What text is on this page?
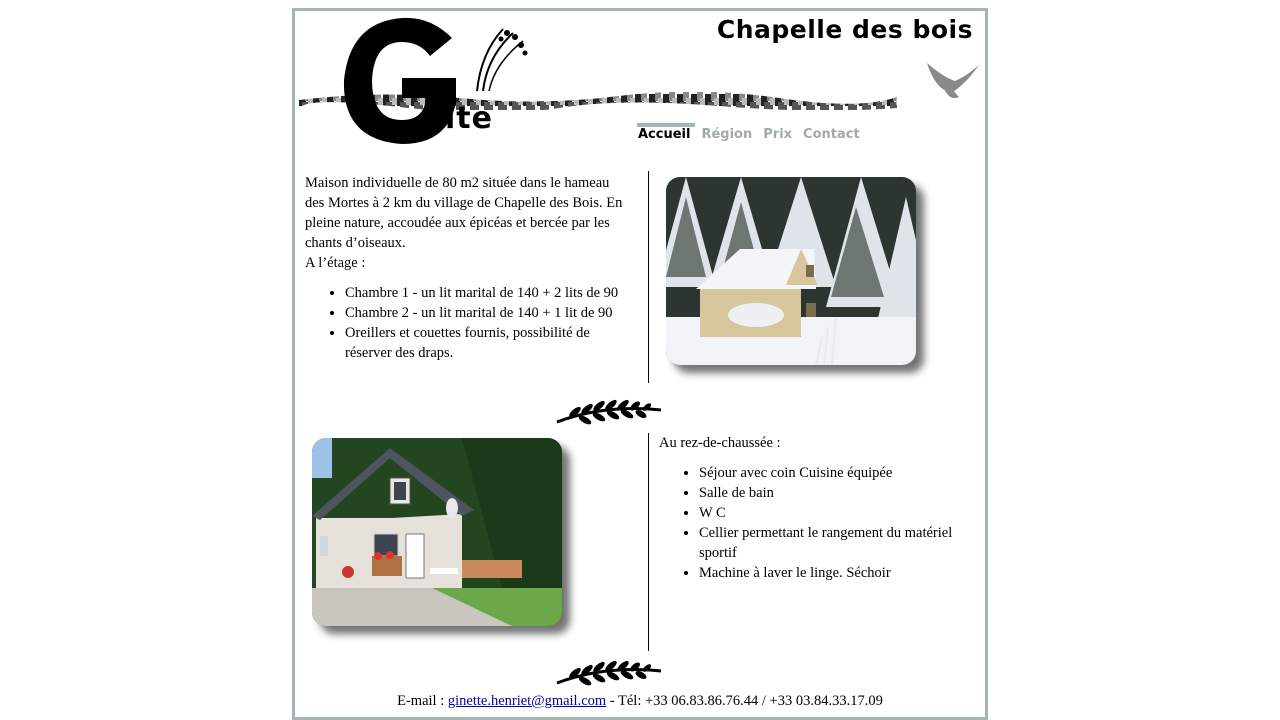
ite
Chapelle des bois
Accueil Région Prix Contact
Maison individuelle de 80 m2 située dans le hameau
des Mortes à 2 km du village de Chapelle des Bois. En
pleine nature, accoudée aux épicéas et bercée par les
chants d’oiseaux.
A l’étage :
• Chambre 1 - un lit marital de 140 + 2 lits de 90
• Chambre 2 - un lit marital de 140 + 1 lit de 90
• Oreillers et couettes fournis, possibilité de réserver des draps.
Au rez-de-chaussée :
• Séjour avec coin Cuisine équipée
• Salle de bain
• W C
• Cellier permettant le rangement du matériel sportif
• Machine à laver le linge. Séchoir
E-mail : ginette.henriet@gmail.com - Tél: +33 06.83.86.76.44 / +33 03.84.33.17.09
